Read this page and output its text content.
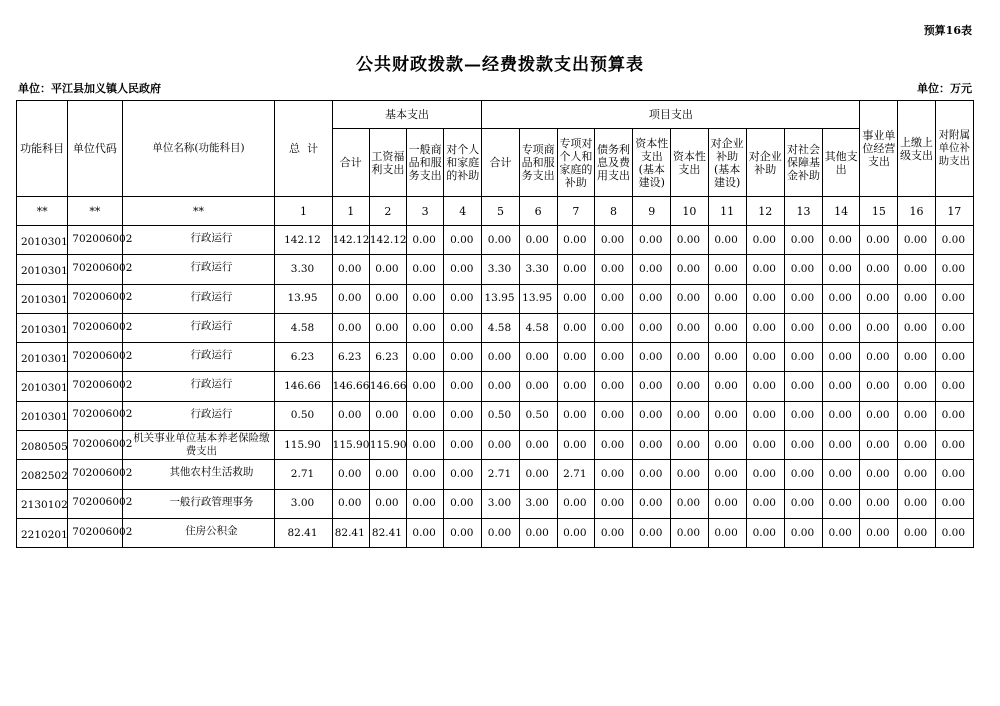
预算16表
公共财政拨款—经费拨款支出预算表
单位：平江县加义镇人民政府	单位：万元
功能科目	单位代码	单位名称(功能科目)	总  计	基本支出				项目支出										事业单位经营支出	上缴上级支出	对附属单位补助支出
				合计	工资福利支出	一般商品和服务支出	对个人和家庭的补助	合计	专项商品和服务支出	专项对个人和家庭的补助	债务利息及费用支出	资本性支出(基本建设)	资本性支出	对企业补助(基本建设)	对企业补助	对社会保障基金补助	其他支出			
**	**	**	1	1	2	3	4	5	6	7	8	9	10	11	12	13	14	15	16	17
2010301	702006002	行政运行	142.12	142.12	142.12	0.00	0.00	0.00	0.00	0.00	0.00	0.00	0.00	0.00	0.00	0.00	0.00	0.00	0.00	0.00
2010301	702006002	行政运行	3.30	0.00	0.00	0.00	0.00	3.30	3.30	0.00	0.00	0.00	0.00	0.00	0.00	0.00	0.00	0.00	0.00	0.00
2010301	702006002	行政运行	13.95	0.00	0.00	0.00	0.00	13.95	13.95	0.00	0.00	0.00	0.00	0.00	0.00	0.00	0.00	0.00	0.00	0.00
2010301	702006002	行政运行	4.58	0.00	0.00	0.00	0.00	4.58	4.58	0.00	0.00	0.00	0.00	0.00	0.00	0.00	0.00	0.00	0.00	0.00
2010301	702006002	行政运行	6.23	6.23	6.23	0.00	0.00	0.00	0.00	0.00	0.00	0.00	0.00	0.00	0.00	0.00	0.00	0.00	0.00	0.00
2010301	702006002	行政运行	146.66	146.66	146.66	0.00	0.00	0.00	0.00	0.00	0.00	0.00	0.00	0.00	0.00	0.00	0.00	0.00	0.00	0.00
2010301	702006002	行政运行	0.50	0.00	0.00	0.00	0.00	0.50	0.50	0.00	0.00	0.00	0.00	0.00	0.00	0.00	0.00	0.00	0.00	0.00
2080505	702006002	机关事业单位基本养老保险缴费支出	115.90	115.90	115.90	0.00	0.00	0.00	0.00	0.00	0.00	0.00	0.00	0.00	0.00	0.00	0.00	0.00	0.00	0.00
2082502	702006002	其他农村生活救助	2.71	0.00	0.00	0.00	0.00	2.71	0.00	2.71	0.00	0.00	0.00	0.00	0.00	0.00	0.00	0.00	0.00	0.00
2130102	702006002	一般行政管理事务	3.00	0.00	0.00	0.00	0.00	3.00	3.00	0.00	0.00	0.00	0.00	0.00	0.00	0.00	0.00	0.00	0.00	0.00
2210201	702006002	住房公积金	82.41	82.41	82.41	0.00	0.00	0.00	0.00	0.00	0.00	0.00	0.00	0.00	0.00	0.00	0.00	0.00	0.00	0.00
